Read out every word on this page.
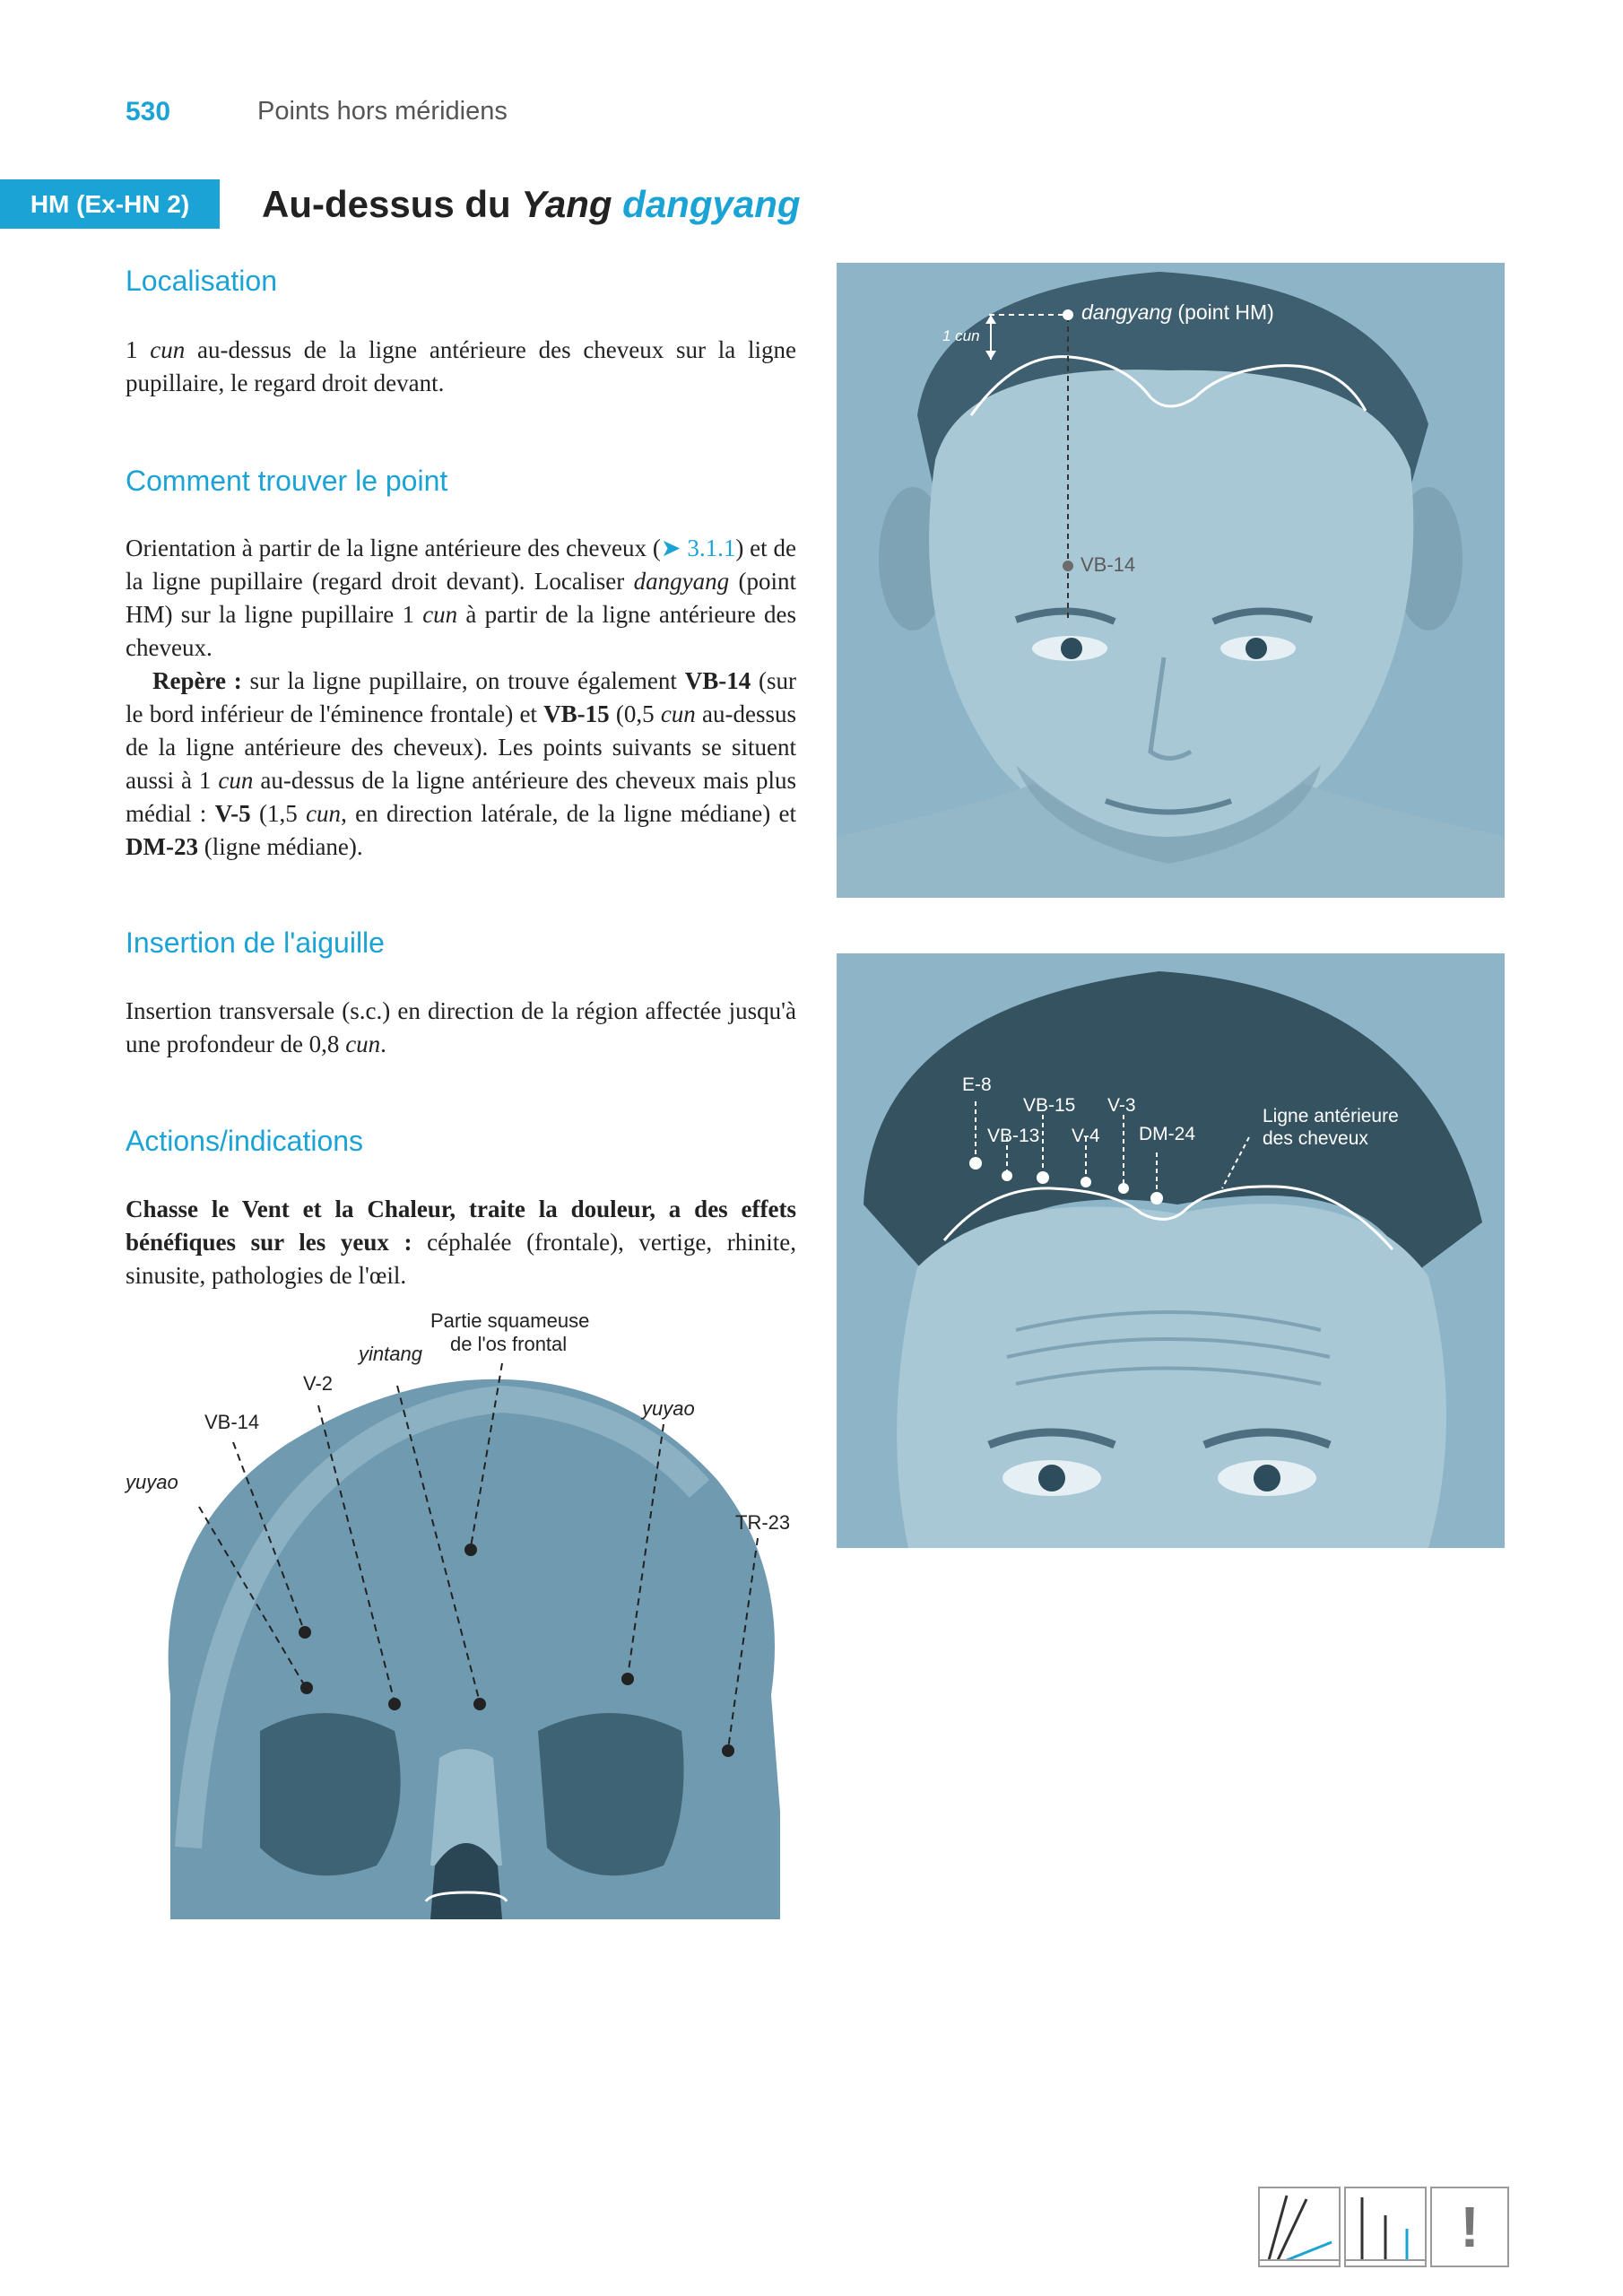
530	Points hors méridiens
HM (Ex-HN 2)	Au-dessus du Yang dangyang
Localisation

1 cun au-dessus de la ligne antérieure des cheveux sur la ligne pupillaire, le regard droit devant.

Comment trouver le point

Orientation à partir de la ligne antérieure des cheveux (➤ 3.1.1) et de la ligne pupillaire (regard droit devant). Localiser dangyang (point HM) sur la ligne pupillaire 1 cun à partir de la ligne antérieure des cheveux.

Repère : sur la ligne pupillaire, on trouve également VB-14 (sur le bord inférieur de l'éminence frontale) et VB-15 (0,5 cun au-dessus de la ligne antérieure des cheveux). Les points suivants se situent aussi à 1 cun au-dessus de la ligne antérieure des cheveux mais plus médial : V-5 (1,5 cun, en direction latérale, de la ligne médiane) et DM-23 (ligne médiane).

Insertion de l'aiguille

Insertion transversale (s.c.) en direction de la région affectée jusqu'à une profondeur de 0,8 cun.

Actions/indications

Chasse le Vent et la Chaleur, traite la douleur, a des effets bénéfiques sur les yeux : céphalée (frontale), vertige, rhinite, sinusite, pathologies de l'œil.

1 cun
dangyang (point HM)
VB-14
E-8
VB-15 V-3
VB-13 V-4 DM-24
Ligne antérieure
des cheveux
Partie squameuse
de l'os frontal
yintang
V-2
VB-14
yuyao
yuyao
TR-23
!
